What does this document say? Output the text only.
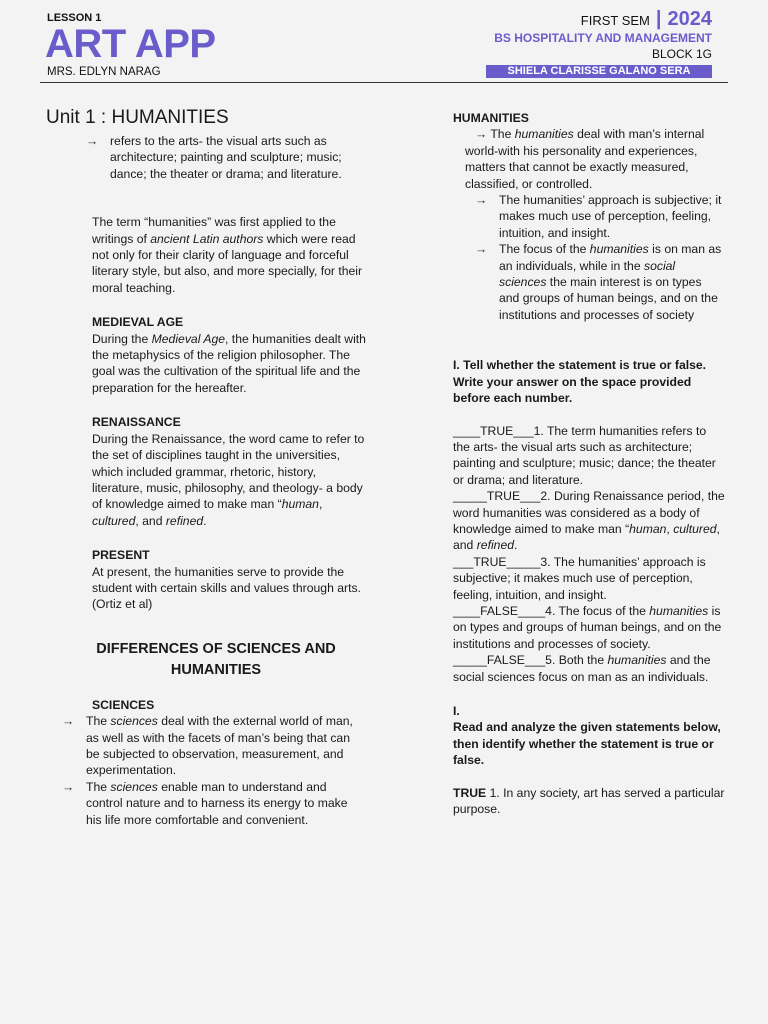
LESSON 1
ART APP
MRS. EDLYN NARAG
FIRST SEM | 2024
BS HOSPITALITY AND MANAGEMENT
BLOCK 1G
SHIELA CLARISSE GALANO SERA
Unit 1 : HUMANITIES
→ refers to the arts- the visual arts such as architecture; painting and sculpture; music; dance; the theater or drama; and literature.
The term “humanities” was first applied to the writings of ancient Latin authors which were read not only for their clarity of language and forceful literary style, but also, and more specially, for their moral teaching.
MEDIEVAL AGE
During the Medieval Age, the humanities dealt with the metaphysics of the religion philosopher. The goal was the cultivation of the spiritual life and the preparation for the hereafter.
RENAISSANCE
During the Renaissance, the word came to refer to the set of disciplines taught in the universities, which included grammar, rhetoric, history, literature, music, philosophy, and theology- a body of knowledge aimed to make man “human, cultured, and refined.
PRESENT
At present, the humanities serve to provide the student with certain skills and values through arts. (Ortiz et al)
DIFFERENCES OF SCIENCES AND HUMANITIES
SCIENCES
→ The sciences deal with the external world of man, as well as with the facets of man’s being that can be subjected to observation, measurement, and experimentation.
→ The sciences enable man to understand and control nature and to harness its energy to make his life more comfortable and convenient.
HUMANITIES
→ The humanities deal with man’s internal world-with his personality and experiences, matters that cannot be exactly measured, classified, or controlled.
→ The humanities’ approach is subjective; it makes much use of perception, feeling, intuition, and insight.
→ The focus of the humanities is on man as an individuals, while in the social sciences the main interest is on types and groups of human beings, and on the institutions and processes of society
I. Tell whether the statement is true or false. Write your answer on the space provided before each number.
____TRUE___1. The term humanities refers to the arts- the visual arts such as architecture; painting and sculpture; music; dance; the theater or drama; and literature.
_____TRUE___2. During Renaissance period, the word humanities was considered as a body of knowledge aimed to make man “human, cultured, and refined.
___TRUE_____3. The humanities’ approach is subjective; it makes much use of perception, feeling, intuition, and insight.
____FALSE____4. The focus of the humanities is on types and groups of human beings, and on the institutions and processes of society.
_____FALSE___5. Both the humanities and the social sciences focus on man as an individuals.
I.
Read and analyze the given statements below, then identify whether the statement is true or false.
TRUE 1. In any society, art has served a particular purpose.
